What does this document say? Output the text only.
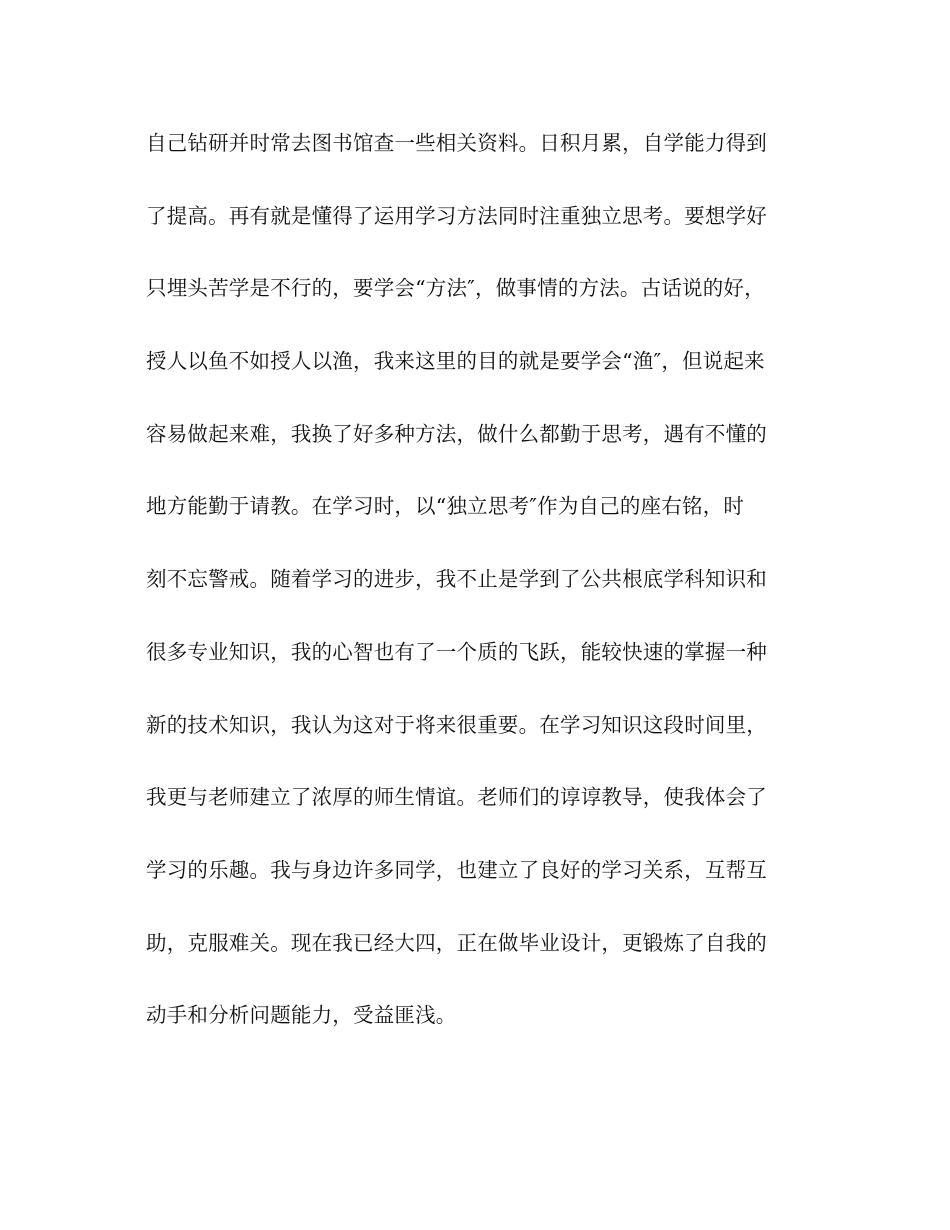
自己钻研并时常去图书馆查一些相关资料。日积月累，自学能力得到
了提高。再有就是懂得了运用学习方法同时注重独立思考。要想学好
只埋头苦学是不行的，要学会“方法″，做事情的方法。古话说的好，
授人以鱼不如授人以渔，我来这里的目的就是要学会“渔″，但说起来
容易做起来难，我换了好多种方法，做什么都勤于思考，遇有不懂的
地方能勤于请教。在学习时，以“独立思考″作为自己的座右铭，时
刻不忘警戒。随着学习的进步，我不止是学到了公共根底学科知识和
很多专业知识，我的心智也有了一个质的飞跃，能较快速的掌握一种
新的技术知识，我认为这对于将来很重要。在学习知识这段时间里，
我更与老师建立了浓厚的师生情谊。老师们的谆谆教导，使我体会了
学习的乐趣。我与身边许多同学，也建立了良好的学习关系，互帮互
助，克服难关。现在我已经大四，正在做毕业设计，更锻炼了自我的
动手和分析问题能力，受益匪浅。
